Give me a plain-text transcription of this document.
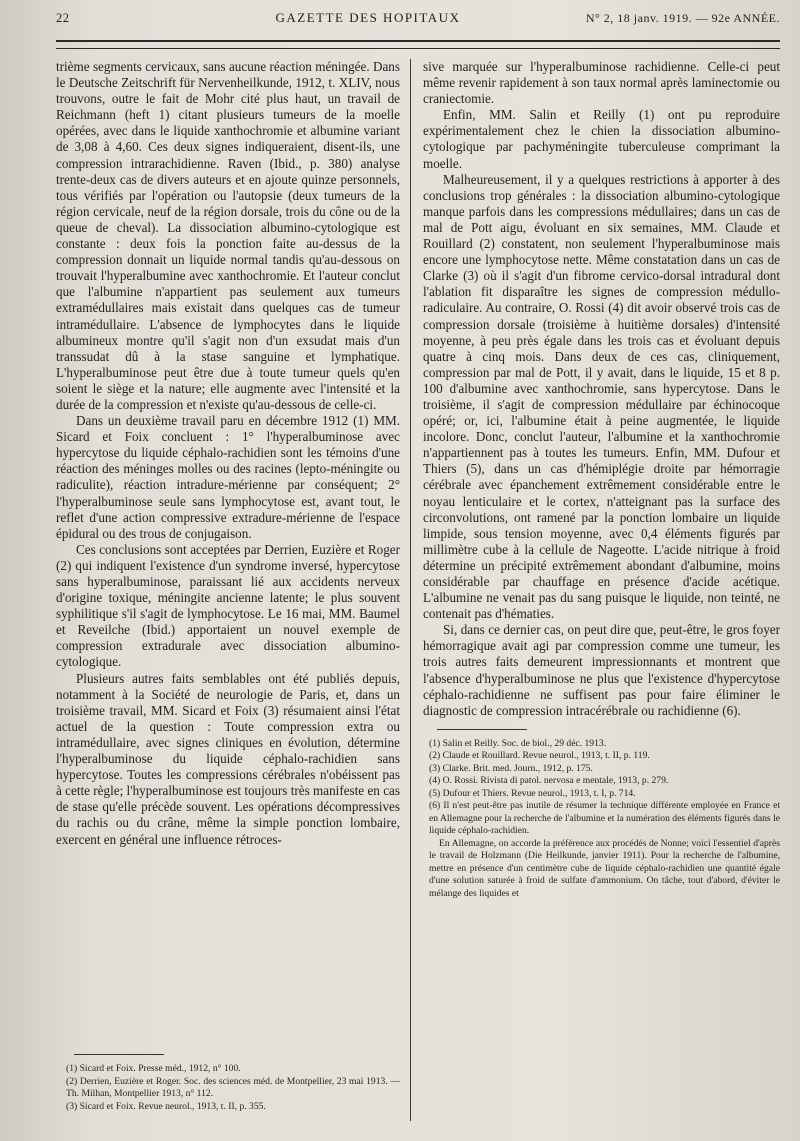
22	GAZETTE DES HOPITAUX	N° 2, 18 janv. 1919. — 92e ANNÉE.

trième segments cervicaux, sans aucune réaction méningée. Dans le Deutsche Zeitschrift für Nervenheilkunde, 1912, t. XLIV, nous trouvons, outre le fait de Mohr cité plus haut, un travail de Reichmann (heft 1) citant plusieurs tumeurs de la moelle opérées, avec dans le liquide xanthochromie et albumine variant de 3,08 à 4,60. Ces deux signes indiqueraient, disent-ils, une compression intrarachidienne. Raven (Ibid., p. 380) analyse trente-deux cas de divers auteurs et en ajoute quinze personnels, tous vérifiés par l'opération ou l'autopsie (deux tumeurs de la région cervicale, neuf de la région dorsale, trois du cône ou de la queue de cheval). La dissociation albumino-cytologique est constante : deux fois la ponction faite au-dessus de la compression donnait un liquide normal tandis qu'au-dessous on trouvait l'hyperalbumine avec xanthochromie. Et l'auteur conclut que l'albumine n'appartient pas seulement aux tumeurs extramédullaires mais existait dans quelques cas de tumeur intramédullaire. L'absence de lymphocytes dans le liquide albumineux montre qu'il s'agit non d'un exsudat mais d'un transsudat dû à la stase sanguine et lymphatique. L'hyperalbuminose peut être due à toute tumeur quels qu'en soient le siège et la nature; elle augmente avec l'intensité et la durée de la compression et n'existe qu'au-dessous de celle-ci.

Dans un deuxième travail paru en décembre 1912 (1) MM. Sicard et Foix concluent : 1° l'hyperalbuminose avec hypercytose du liquide céphalo-rachidien sont les témoins d'une réaction des méninges molles ou des racines (lepto-méningite ou radiculite), réaction intradure-mérienne par conséquent; 2° l'hyperalbuminose seule sans lymphocytose est, avant tout, le reflet d'une action compressive extradure-mérienne de l'espace épidural ou des trous de conjugaison.

Ces conclusions sont acceptées par Derrien, Euzière et Roger (2) qui indiquent l'existence d'un syndrome inversé, hypercytose sans hyperalbuminose, paraissant lié aux accidents nerveux d'origine toxique, méningite ancienne latente; le plus souvent syphilitique s'il s'agit de lymphocytose. Le 16 mai, MM. Baumel et Reveilche (Ibid.) apportaient un nouvel exemple de compression extradurale avec dissociation albumino-cytologique.

Plusieurs autres faits semblables ont été publiés depuis, notamment à la Société de neurologie de Paris, et, dans un troisième travail, MM. Sicard et Foix (3) résumaient ainsi l'état actuel de la question : Toute compression extra ou intramédullaire, avec signes cliniques en évolution, détermine l'hyperalbuminose du liquide céphalo-rachidien sans hypercytose. Toutes les compressions cérébrales n'obéissent pas à cette règle; l'hyperalbuminose est toujours très manifeste en cas de stase qu'elle précède souvent. Les opérations décompressives du rachis ou du crâne, même la simple ponction lombaire, exercent en général une influence rétroces-

(1) Sicard et Foix. Presse méd., 1912, n° 100.

(2) Derrien, Euzière et Roger. Soc. des sciences méd. de Montpellier, 23 mai 1913. — Th. Milhan, Montpellier 1913, n° 112.

(3) Sicard et Foix. Revue neurol., 1913, t. II, p. 355.

sive marquée sur l'hyperalbuminose rachidienne. Celle-ci peut même revenir rapidement à son taux normal après laminectomie ou craniectomie.

Enfin, MM. Salin et Reilly (1) ont pu reproduire expérimentalement chez le chien la dissociation albumino-cytologique par pachyméningite tuberculeuse comprimant la moelle.

Malheureusement, il y a quelques restrictions à apporter à des conclusions trop générales : la dissociation albumino-cytologique manque parfois dans les compressions médullaires; dans un cas de mal de Pott aigu, évoluant en six semaines, MM. Claude et Rouillard (2) constatent, non seulement l'hyperalbuminose mais encore une lymphocytose nette. Même constatation dans un cas de Clarke (3) où il s'agit d'un fibrome cervico-dorsal intradural dont l'ablation fit disparaître les signes de compression médullo-radiculaire. Au contraire, O. Rossi (4) dit avoir observé trois cas de compression dorsale (troisième à huitième dorsales) d'intensité moyenne, à peu près égale dans les trois cas et évoluant depuis quatre à cinq mois. Dans deux de ces cas, cliniquement, compression par mal de Pott, il y avait, dans le liquide, 15 et 8 p. 100 d'albumine avec xanthochromie, sans hypercytose. Dans le troisième, il s'agit de compression médullaire par échinocoque opéré; or, ici, l'albumine était à peine augmentée, le liquide incolore. Donc, conclut l'auteur, l'albumine et la xanthochromie n'appartiennent pas à toutes les tumeurs. Enfin, MM. Dufour et Thiers (5), dans un cas d'hémiplégie droite par hémorragie cérébrale avec épanchement extrêmement considérable entre le noyau lenticulaire et le cortex, n'atteignant pas la surface des circonvolutions, ont ramené par la ponction lombaire un liquide limpide, sous tension moyenne, avec 0,4 éléments figurés par millimètre cube à la cellule de Nageotte. L'acide nitrique à froid détermine un précipité extrêmement abondant d'albumine, moins considérable par chauffage en présence d'acide acétique. L'albumine ne venait pas du sang puisque le liquide, non teinté, ne contenait pas d'hématies.

Si, dans ce dernier cas, on peut dire que, peut-être, le gros foyer hémorragique avait agi par compression comme une tumeur, les trois autres faits demeurent impressionnants et montrent que l'absence d'hyperalbuminose ne plus que l'existence d'hypercytose céphalo-rachidienne ne suffisent pas pour faire éliminer le diagnostic de compression intracérébrale ou rachidienne (6).

(1) Salin et Reilly. Soc. de biol., 29 déc. 1913.

(2) Claude et Rouillard. Revue neurol., 1913, t. II, p. 119.

(3) Clarke. Brit. med. Journ., 1912, p. 175.

(4) O. Rossi. Rivista di patol. nervosa e mentale, 1913, p. 279.

(5) Dufour et Thiers. Revue neurol., 1913, t. I, p. 714.

(6) Il n'est peut-être pas inutile de résumer la technique différente employée en France et en Allemagne pour la recherche de l'albumine et la numération des éléments figurés dans le liquide céphalo-rachidien.

En Allemagne, on accorde la préférence aux procédés de Nonne; voici l'essentiel d'après le travail de Holzmann (Die Heilkunde, janvier 1911). Pour la recherche de l'albumine, mettre en présence d'un centimètre cube de liquide céphalo-rachidien une quantité égale d'une solution saturée à froid de sulfate d'ammonium. On tâche, tout d'abord, d'éviter le mélange des liquides et
